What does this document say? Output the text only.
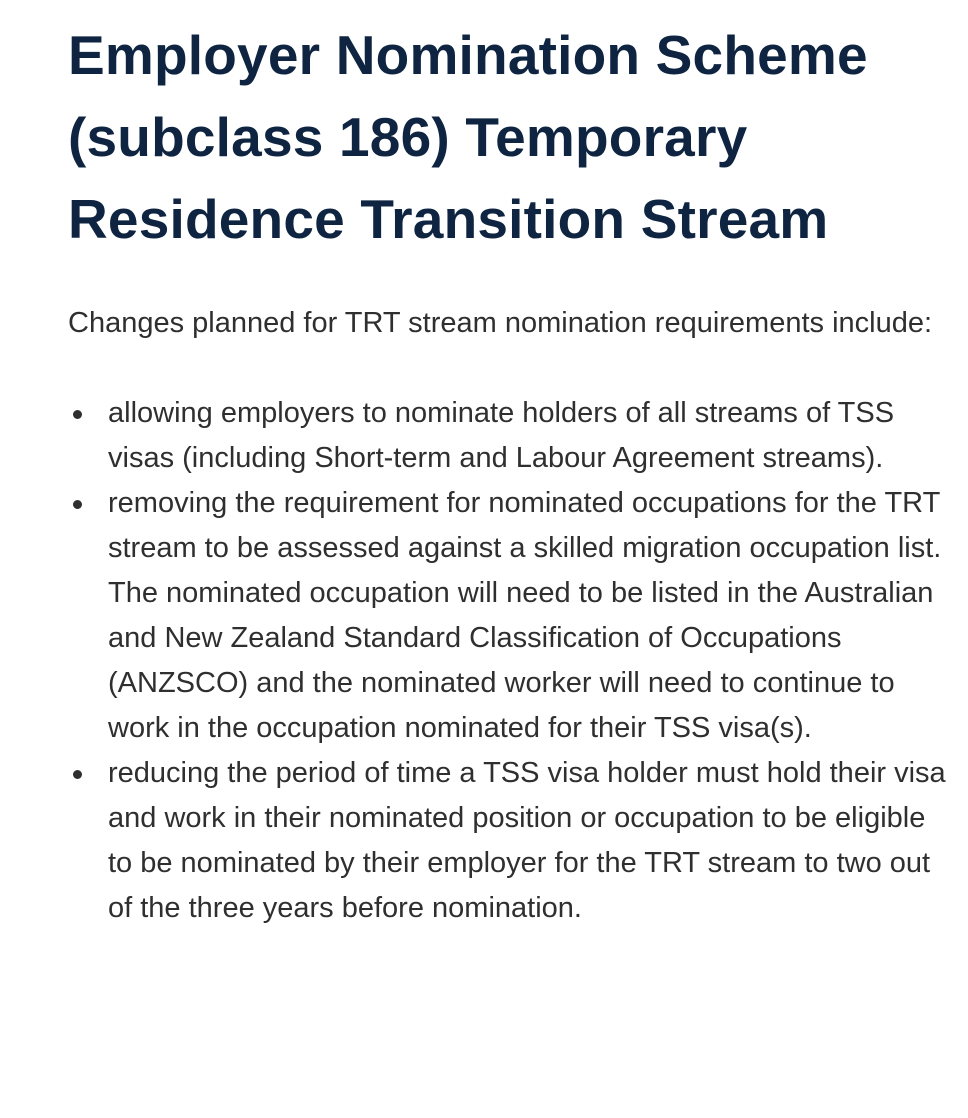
Employer Nomination Scheme (subclass 186) Temporary Residence Transition Stream

Changes planned for TRT stream nomination requirements include:

allowing employers to nominate holders of all streams of TSS visas (including Short-term and Labour Agreement streams).
removing the requirement for nominated occupations for the TRT stream to be assessed against a skilled migration occupation list. The nominated occupation will need to be listed in the Australian and New Zealand Standard Classification of Occupations (ANZSCO) and the nominated worker will need to continue to work in the occupation nominated for their TSS visa(s).
reducing the period of time a TSS visa holder must hold their visa and work in their nominated position or occupation to be eligible to be nominated by their employer for the TRT stream to two out of the three years before nomination.
